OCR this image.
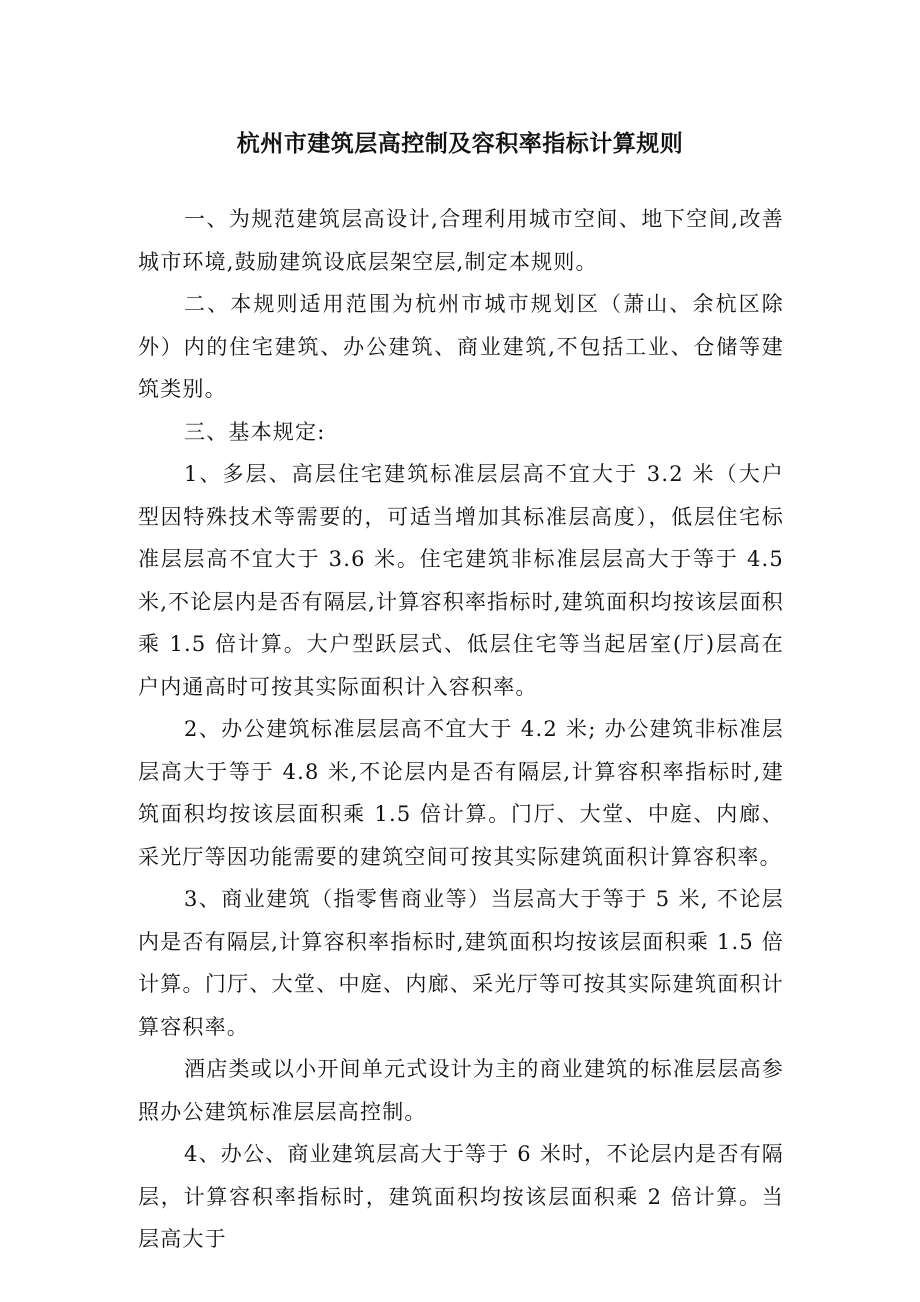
杭州市建筑层高控制及容积率指标计算规则

一、为规范建筑层高设计,合理利用城市空间、地下空间,改善城市环境,鼓励建筑设底层架空层,制定本规则。

二、本规则适用范围为杭州市城市规划区（萧山、余杭区除外）内的住宅建筑、办公建筑、商业建筑,不包括工业、仓储等建筑类别。

三、基本规定:

1、多层、高层住宅建筑标准层层高不宜大于 3.2 米（大户型因特殊技术等需要的，可适当增加其标准层高度），低层住宅标准层层高不宜大于 3.6 米。住宅建筑非标准层层高大于等于 4.5 米,不论层内是否有隔层,计算容积率指标时,建筑面积均按该层面积乘 1.5 倍计算。大户型跃层式、低层住宅等当起居室(厅)层高在户内通高时可按其实际面积计入容积率。

2、办公建筑标准层层高不宜大于 4.2 米; 办公建筑非标准层层高大于等于 4.8 米,不论层内是否有隔层,计算容积率指标时,建筑面积均按该层面积乘 1.5 倍计算。门厅、大堂、中庭、内廊、采光厅等因功能需要的建筑空间可按其实际建筑面积计算容积率。

3、商业建筑（指零售商业等）当层高大于等于 5 米, 不论层内是否有隔层,计算容积率指标时,建筑面积均按该层面积乘 1.5 倍计算。门厅、大堂、中庭、内廊、采光厅等可按其实际建筑面积计算容积率。

酒店类或以小开间单元式设计为主的商业建筑的标准层层高参照办公建筑标准层层高控制。

4、办公、商业建筑层高大于等于 6 米时，不论层内是否有隔层，计算容积率指标时，建筑面积均按该层面积乘 2 倍计算。当层高大于
